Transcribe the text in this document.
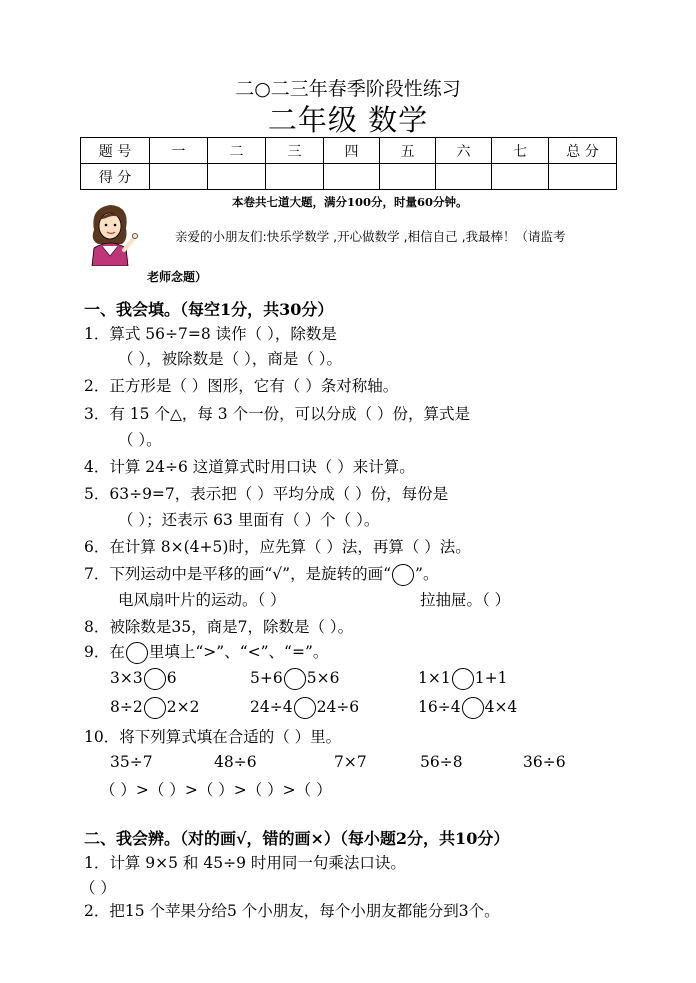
二○二三年春季阶段性练习
二年级 数学
题 号	一	二	三	四	五	六	七	总 分
得 分								
本卷共七道大题，满分100分，时量60分钟。
亲爱的小朋友们:快乐学数学 ,开心做数学 ,相信自己 ,我最棒！（请监考
老师念题）
一、我会填。（每空1分，共30分）
1．算式 56÷7=8 读作（ ），除数是
（ ），被除数是（ ），商是（ ）。
2．正方形是（ ）图形，它有（ ）条对称轴。
3．有 15 个△，每 3 个一份，可以分成（ ）份，算式是
（ ）。
4．计算 24÷6 这道算式时用口诀（ ）来计算。
5．63÷9=7，表示把（ ）平均分成（ ）份，每份是
（ ）；还表示 63 里面有（ ）个（ ）。
6．在计算 8×(4+5)时，应先算（ ）法，再算（ ）法。
7．下列运动中是平移的画“√”，是旋转的画“ ”。
电风扇叶片的运动。（ ）	拉抽屉。（ ）
8．被除数是35，商是7，除数是（ ）。
9．在 里填上“>”、“<”、“=”。
3×3 6	5+6 5×6	1×1 1+1
8÷2 2×2	24÷4 24÷6	16÷4 4×4
10．将下列算式填在合适的（ ）里。
35÷7	48÷6	7×7	56÷8	36÷6
（ ）>（ ）>（ ）>（ ）>（ ）
二、我会辨。（对的画√，错的画×）（每小题2分，共10分）
1．计算 9×5 和 45÷9 时用同一句乘法口诀。
（ ）
2．把15 个苹果分给5 个小朋友，每个小朋友都能分到3个。
